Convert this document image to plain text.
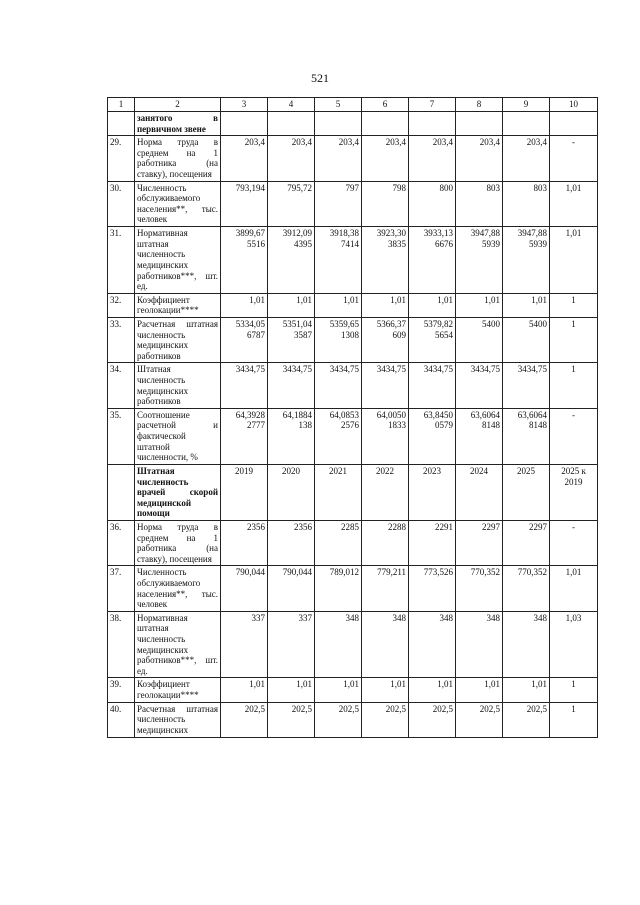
521
1	2	3	4	5	6	7	8	9	10
	занятого в первичном звене								
29.	Норма труда в среднем на 1 работника (на ставку), посещения	203,4	203,4	203,4	203,4	203,4	203,4	203,4	-
30.	Численность обслуживаемого населения**, тыс. человек	793,194	795,72	797	798	800	803	803	1,01
31.	Нормативная штатная численность медицинских работников***, шт. ед.	3899,67 5516	3912,09 4395	3918,38 7414	3923,30 3835	3933,13 6676	3947,88 5939	3947,88 5939	1,01
32.	Коэффициент геолокации****	1,01	1,01	1,01	1,01	1,01	1,01	1,01	1
33.	Расчетная штатная численность медицинских работников	5334,05 6787	5351,04 3587	5359,65 1308	5366,37 609	5379,82 5654	5400	5400	1
34.	Штатная численность медицинских работников	3434,75	3434,75	3434,75	3434,75	3434,75	3434,75	3434,75	1
35.	Соотношение расчетной и фактической штатной численности, %	64,3928 2777	64,1884 138	64,0853 2576	64,0050 1833	63,8450 0579	63,6064 8148	63,6064 8148	-
	Штатная численность врачей скорой медицинской помощи	2019	2020	2021	2022	2023	2024	2025	2025 к 2019
36.	Норма труда в среднем на 1 работника (на ставку), посещения	2356	2356	2285	2288	2291	2297	2297	-
37.	Численность обслуживаемого населения**, тыс. человек	790,044	790,044	789,012	779,211	773,526	770,352	770,352	1,01
38.	Нормативная штатная численность медицинских работников***, шт. ед.	337	337	348	348	348	348	348	1,03
39.	Коэффициент геолокации****	1,01	1,01	1,01	1,01	1,01	1,01	1,01	1
40.	Расчетная штатная численность медицинских	202,5	202,5	202,5	202,5	202,5	202,5	202,5	1
